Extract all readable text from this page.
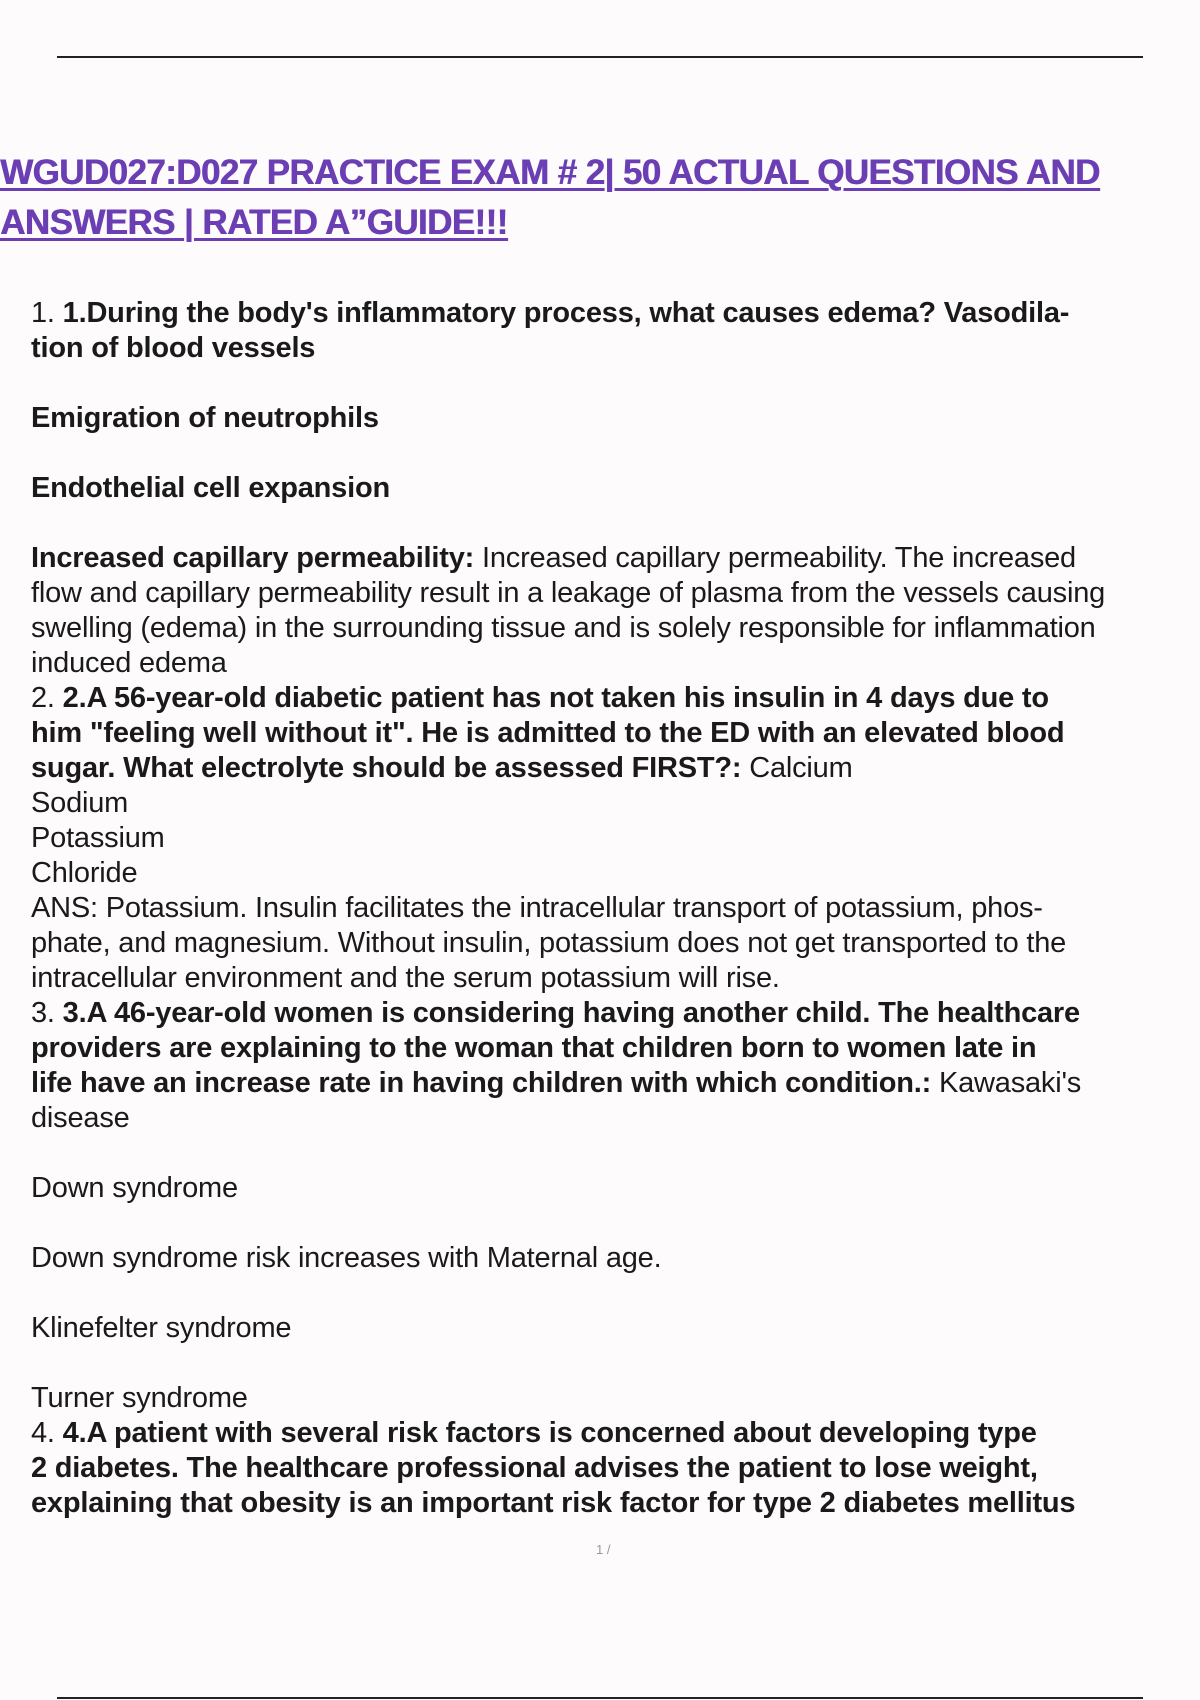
WGUD027:D027 PRACTICE EXAM # 2| 50 ACTUAL QUESTIONS AND
ANSWERS | RATED A”GUIDE!!!

1. 1.During the body's inflammatory process, what causes edema? Vasodila-

tion of blood vessels

Emigration of neutrophils

Endothelial cell expansion

Increased capillary permeability: Increased capillary permeability. The increased

flow and capillary permeability result in a leakage of plasma from the vessels causing

swelling (edema) in the surrounding tissue and is solely responsible for inflammation

induced edema

2. 2.A 56-year-old diabetic patient has not taken his insulin in 4 days due to

him "feeling well without it". He is admitted to the ED with an elevated blood

sugar. What electrolyte should be assessed FIRST?: Calcium

Sodium

Potassium

Chloride

ANS: Potassium. Insulin facilitates the intracellular transport of potassium, phos-

phate, and magnesium. Without insulin, potassium does not get transported to the

intracellular environment and the serum potassium will rise.

3. 3.A 46-year-old women is considering having another child. The healthcare

providers are explaining to the woman that children born to women late in

life have an increase rate in having children with which condition.: Kawasaki's

disease

Down syndrome

Down syndrome risk increases with Maternal age.

Klinefelter syndrome

Turner syndrome

4. 4.A patient with several risk factors is concerned about developing type

2 diabetes. The healthcare professional advises the patient to lose weight,

explaining that obesity is an important risk factor for type 2 diabetes mellitus

1 /
